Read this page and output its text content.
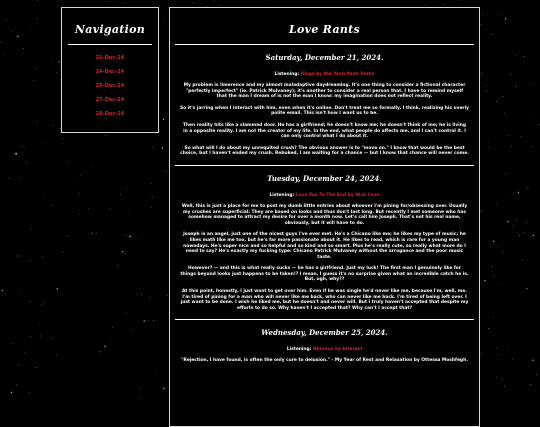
Navigation
21-Dec-24
24-Dec-24
25-Dec-24
27-Dec-24
28-Dec-24
Love Rants
Saturday, December 21, 2024.
Listening: Rings by the Yeah Yeah Yeahs
My problem is limerence and my almost maladaptive daydreaming. It's one thing to consider a fictional character "perfectly imperfect" (ie. Patrick Mulvaney); it's another to consider a real person that. I have to remind myself that the man I dream of is not the man I know: my imagination does not reflect reality.
So it's jarring when I interact with him, even when it's online. Don't treat me so formally, I think, realizing his overly polite email. This isn't how I want us to be.
Then reality hits like a slammed door. He has a girlfriend; he doesn't know me; he doesn't think of me; he is living in a opposite reality. I am not the creator of my life. In the end, what people do affects me, and I can't control it. I can only control what I do about it.
So what will I do about my unrequited crush? The obvious answer is to "move on." I know that would be the best choice, but I haven't ended my crush. Rebuked, I am waiting for a chance — but I know that chance will never come.
Tuesday, December 24, 2024.
Listening: Love You To The End by Nick Cave
Well, this is just a place for me to post my dumb little entries about whoever I'm pining for/obsessing over. Usually my crushes are superficial: They are based on looks and thus don't last long. But recently I met someone who has somehow managed to attract my desire for over a month now. Let's call him Joseph. That's not his real name, obviously, but it will have to do.
Joseph is an angel, just one of the nicest guys I've ever met. He's a Chicano like me; he likes my type of music; he likes math like me too, but he's far more passionate about it. He likes to read, which is rare for a young man nowadays. He's super nice and so helpful and so kind and so smart. Plus he's really cute, so really what more do I need to say? He's exactly my fucking type: Chicano Patrick Mulvaney without the arrogance and the poor music taste.
However? — and this is what really sucks — he has a girlfriend. Just my luck! The first man I genuinely like for things beyond looks just happens to be taken!? I mean, I guess it's no surprise given what an incredible catch he is. But, ugh, why??
At this point, honestly, I just want to get over him. Even if he was single he'd never like me, because I'm, well, me. I'm tired of pining for a man who will never like me back, who can never like me back. I'm tired of being left over. I just want to be done. I wish he liked me, but he doesn't and never will. But I truly haven't accepted that despite my efforts to do so. Why haven't I accepted that? Why can't I accept that?
Wednesday, December 25, 2024.
Listening: Nervous by Interpol
"Rejection, I have found, is often the only cure to delusion." - My Year of Rest and Relaxation by Ottessa Moshfegh.
